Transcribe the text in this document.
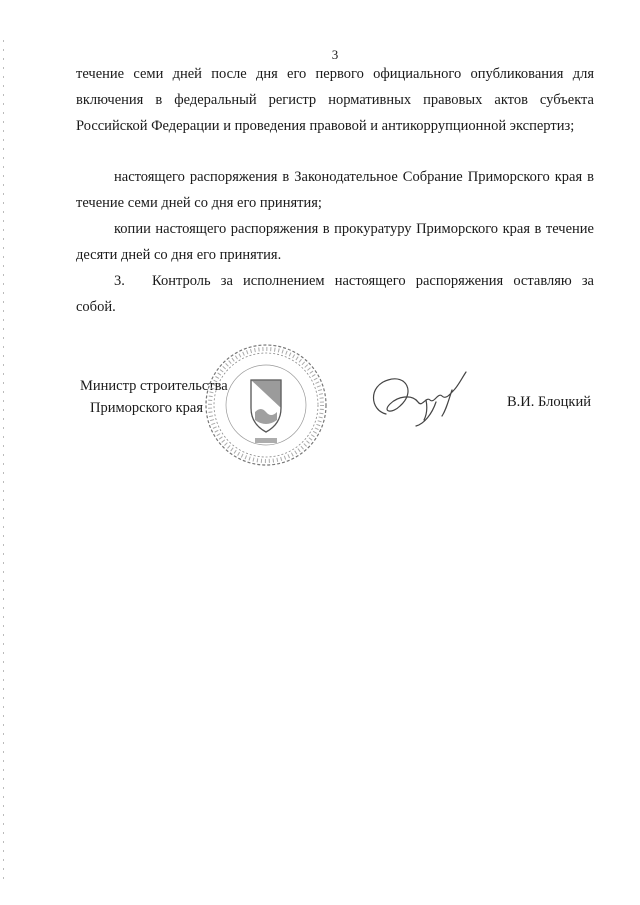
3

течение семи дней после дня его первого официального опубликования для включения в федеральный регистр нормативных правовых актов субъекта Российской Федерации и проведения правовой и антикоррупционной экспертиз;

настоящего распоряжения в Законодательное Собрание Приморского края в течение семи дней со дня его принятия;

копии настоящего распоряжения в прокуратуру Приморского края в течение десяти дней со дня его принятия.

3. Контроль за исполнением настоящего распоряжения оставляю за собой.

Министр строительства
Приморского края	В.И. Блоцкий
